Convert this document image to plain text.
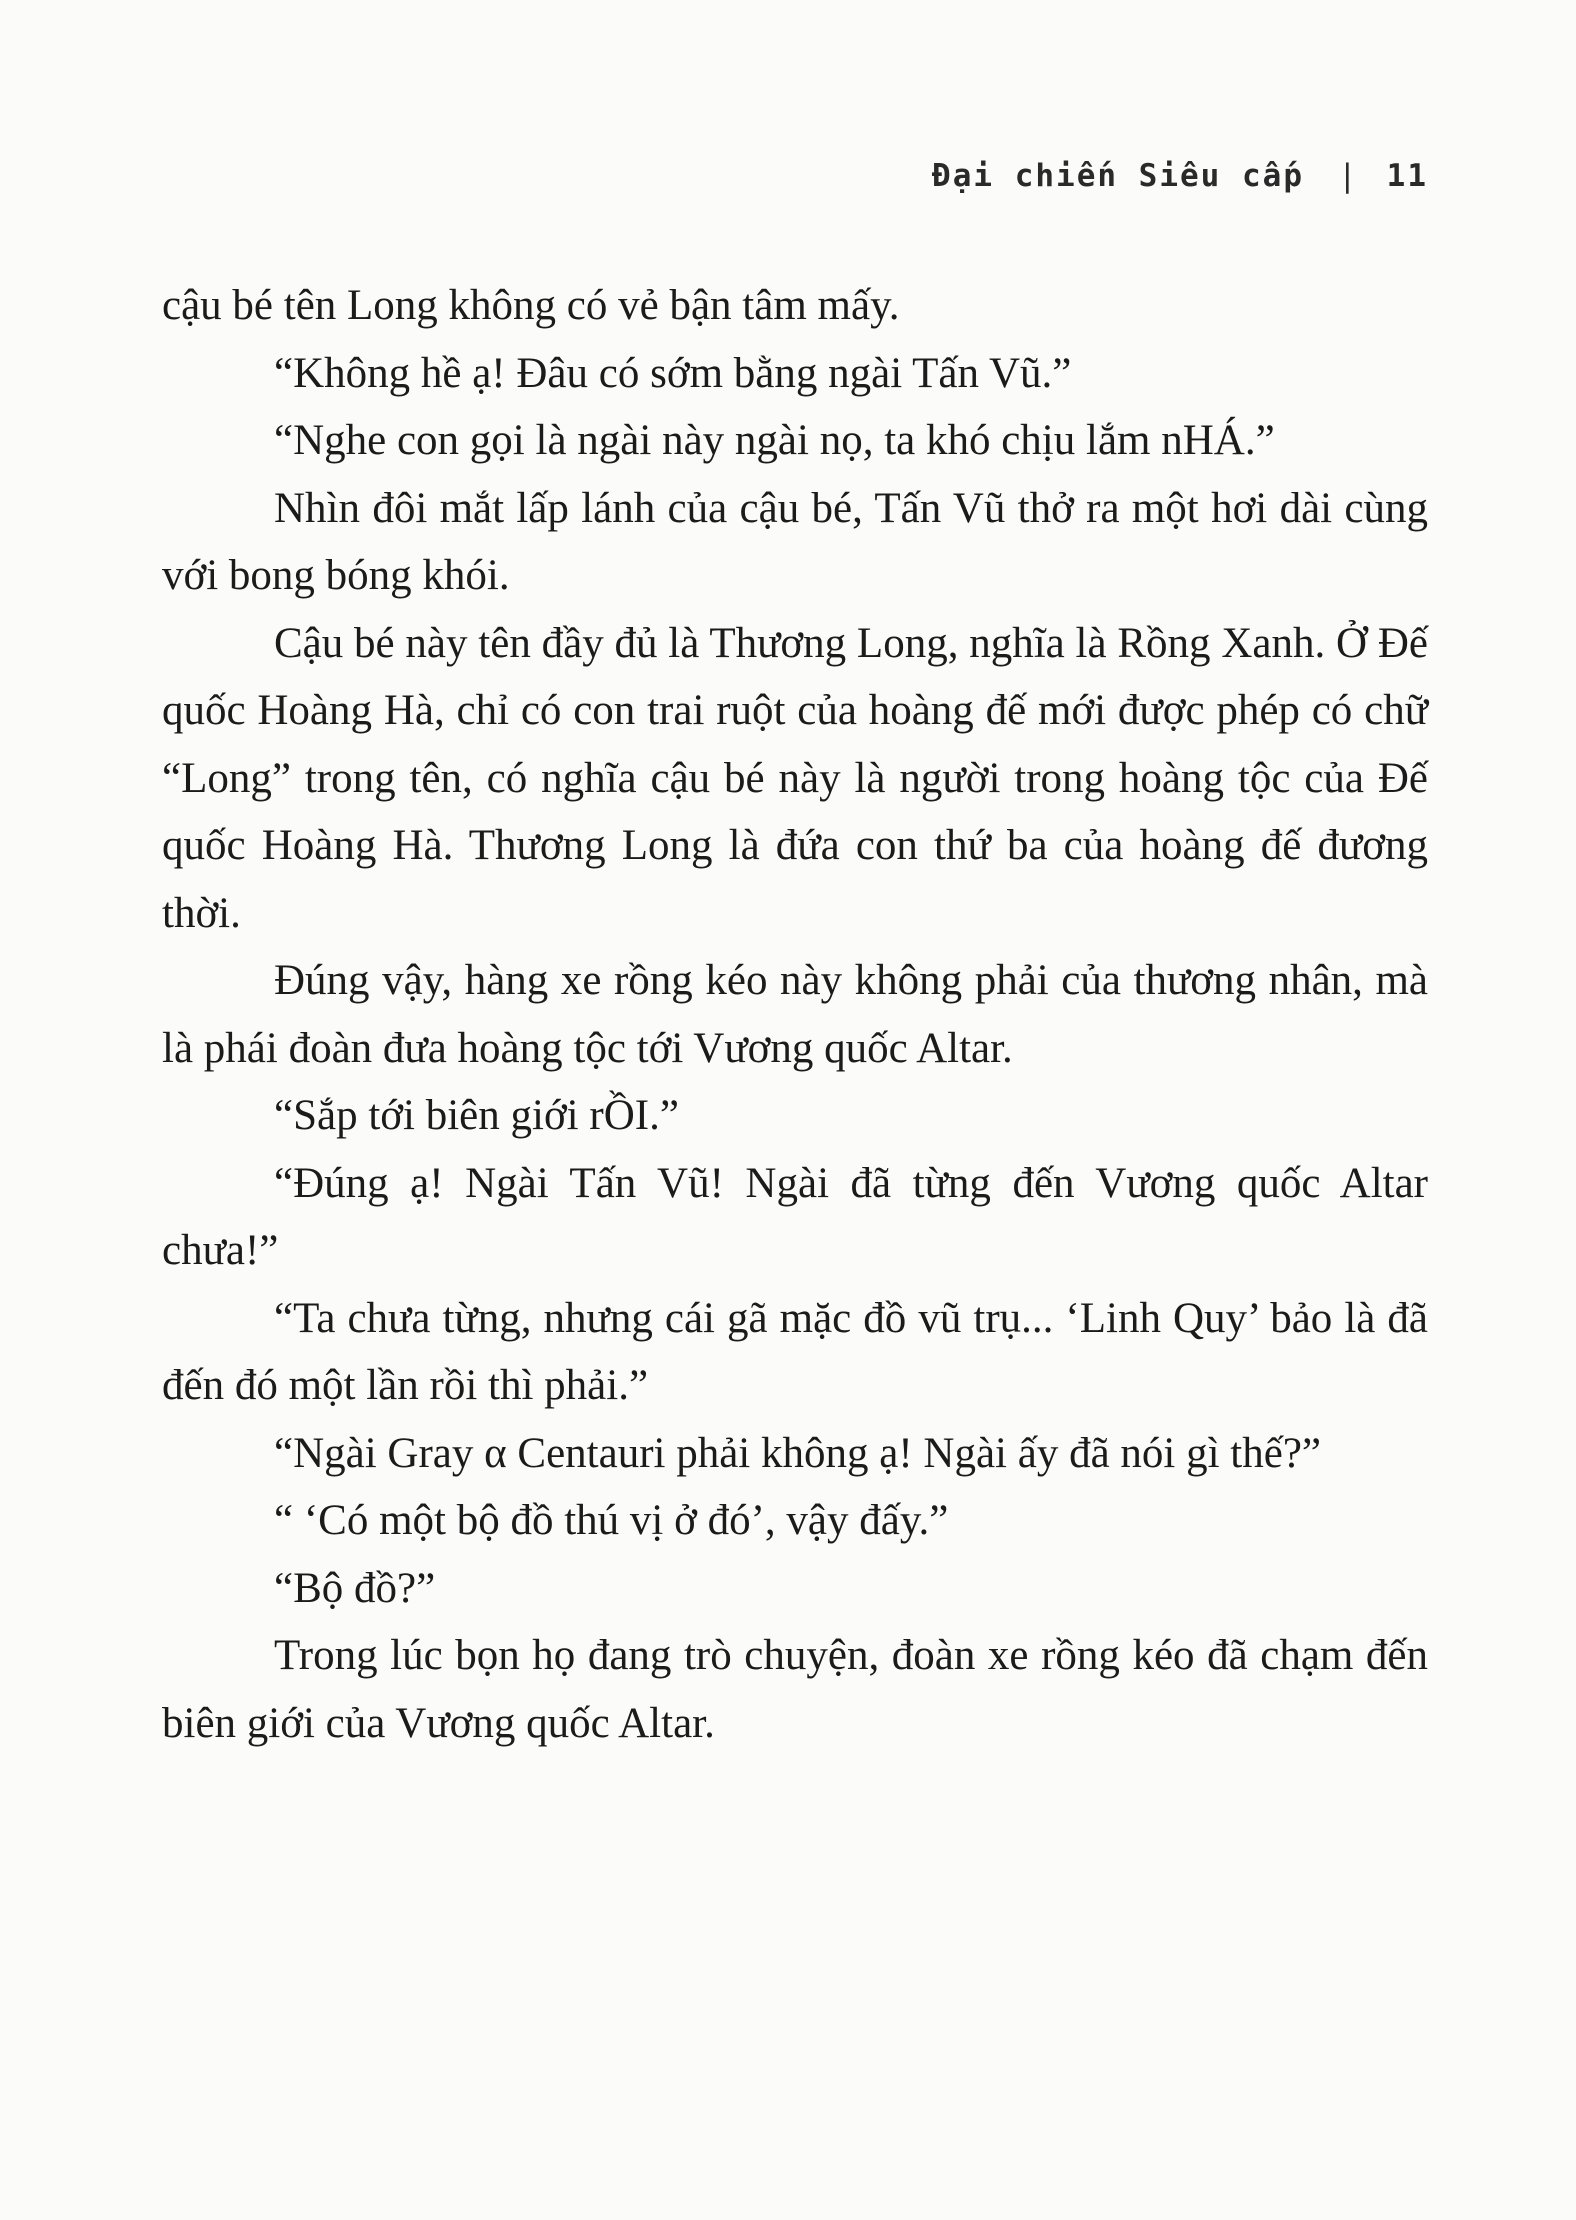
Đại chiến Siêu cấp | 11

cậu bé tên Long không có vẻ bận tâm mấy.

“Không hề ạ! Đâu có sớm bằng ngài Tấn Vũ.”

“Nghe con gọi là ngài này ngài nọ, ta khó chịu lắm nHÁ.”

Nhìn đôi mắt lấp lánh của cậu bé, Tấn Vũ thở ra một hơi dài cùng với bong bóng khói.

Cậu bé này tên đầy đủ là Thương Long, nghĩa là Rồng Xanh. Ở Đế quốc Hoàng Hà, chỉ có con trai ruột của hoàng đế mới được phép có chữ “Long” trong tên, có nghĩa cậu bé này là người trong hoàng tộc của Đế quốc Hoàng Hà. Thương Long là đứa con thứ ba của hoàng đế đương thời.

Đúng vậy, hàng xe rồng kéo này không phải của thương nhân, mà là phái đoàn đưa hoàng tộc tới Vương quốc Altar.

“Sắp tới biên giới rỒI.”

“Đúng ạ! Ngài Tấn Vũ! Ngài đã từng đến Vương quốc Altar chưa!”

“Ta chưa từng, nhưng cái gã mặc đồ vũ trụ... ‘Linh Quy’ bảo là đã đến đó một lần rồi thì phải.”

“Ngài Gray α Centauri phải không ạ! Ngài ấy đã nói gì thế?”

“ ‘Có một bộ đồ thú vị ở đó’, vậy đấy.”

“Bộ đồ?”

Trong lúc bọn họ đang trò chuyện, đoàn xe rồng kéo đã chạm đến biên giới của Vương quốc Altar.
